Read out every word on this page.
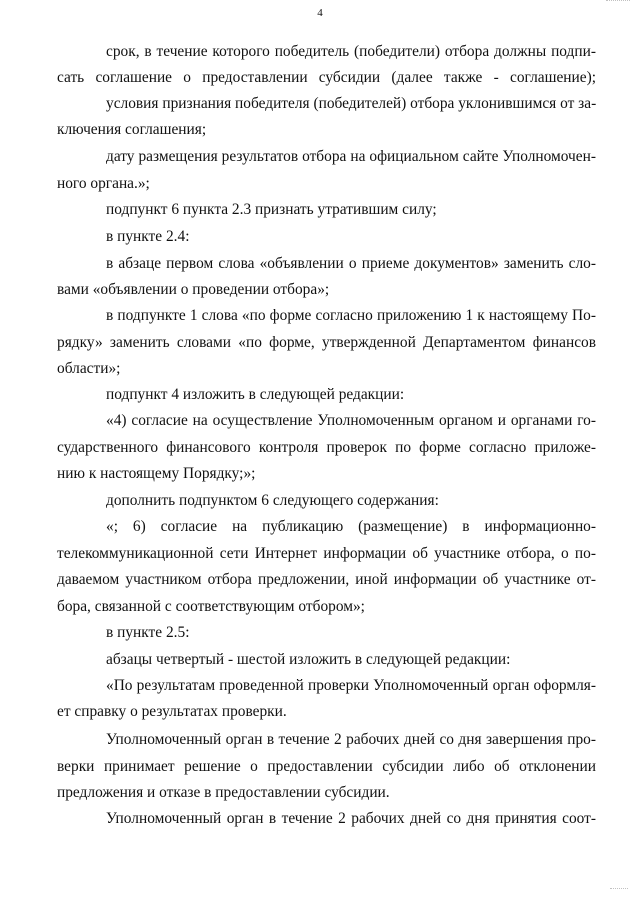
4
срок, в течение которого победитель (победители) отбора должны подпи-
сать соглашение о предоставлении субсидии (далее также - соглашение);
условия признания победителя (победителей) отбора уклонившимся от за-
ключения соглашения;
дату размещения результатов отбора на официальном сайте Уполномочен-
ного органа.»;
подпункт 6 пункта 2.3 признать утратившим силу;
в пункте 2.4:
в абзаце первом слова «объявлении о приеме документов» заменить сло-
вами «объявлении о проведении отбора»;
в подпункте 1 слова «по форме согласно приложению 1 к настоящему По-
рядку» заменить словами «по форме, утвержденной Департаментом финансов
области»;
подпункт 4 изложить в следующей редакции:
«4) согласие на осуществление Уполномоченным органом и органами го-
сударственного финансового контроля проверок по форме согласно приложе-
нию к настоящему Порядку;»;
дополнить подпунктом 6 следующего содержания:
«; 6) согласие на публикацию (размещение) в информационно-
телекоммуникационной сети Интернет информации об участнике отбора, о по-
даваемом участником отбора предложении, иной информации об участнике от-
бора, связанной с соответствующим отбором»;
в пункте 2.5:
абзацы четвертый - шестой изложить в следующей редакции:
«По результатам проведенной проверки Уполномоченный орган оформля-
ет справку о результатах проверки.
Уполномоченный орган в течение 2 рабочих дней со дня завершения про-
верки принимает решение о предоставлении субсидии либо об отклонении
предложения и отказе в предоставлении субсидии.
Уполномоченный орган в течение 2 рабочих дней со дня принятия соот-
